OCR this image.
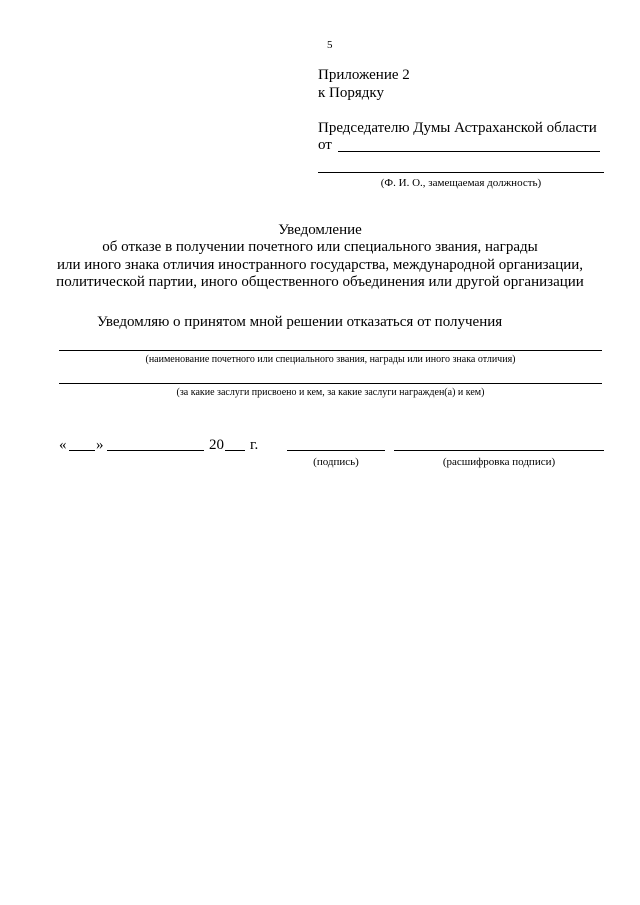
5
Приложение 2
к Порядку
Председателю Думы Астраханской области
от
(Ф. И. О., замещаемая должность)
Уведомление
об отказе в получении почетного или специального звания, награды
или иного знака отличия иностранного государства, международной организации,
политической партии, иного общественного объединения или другой организации
Уведомляю о принятом мной решении отказаться от получения
(наименование почетного или специального звания, награды или иного знака отличия)
(за какие заслуги присвоено и кем, за какие заслуги награжден(а) и кем)
« »	20 г.
(подпись)	(расшифровка подписи)
